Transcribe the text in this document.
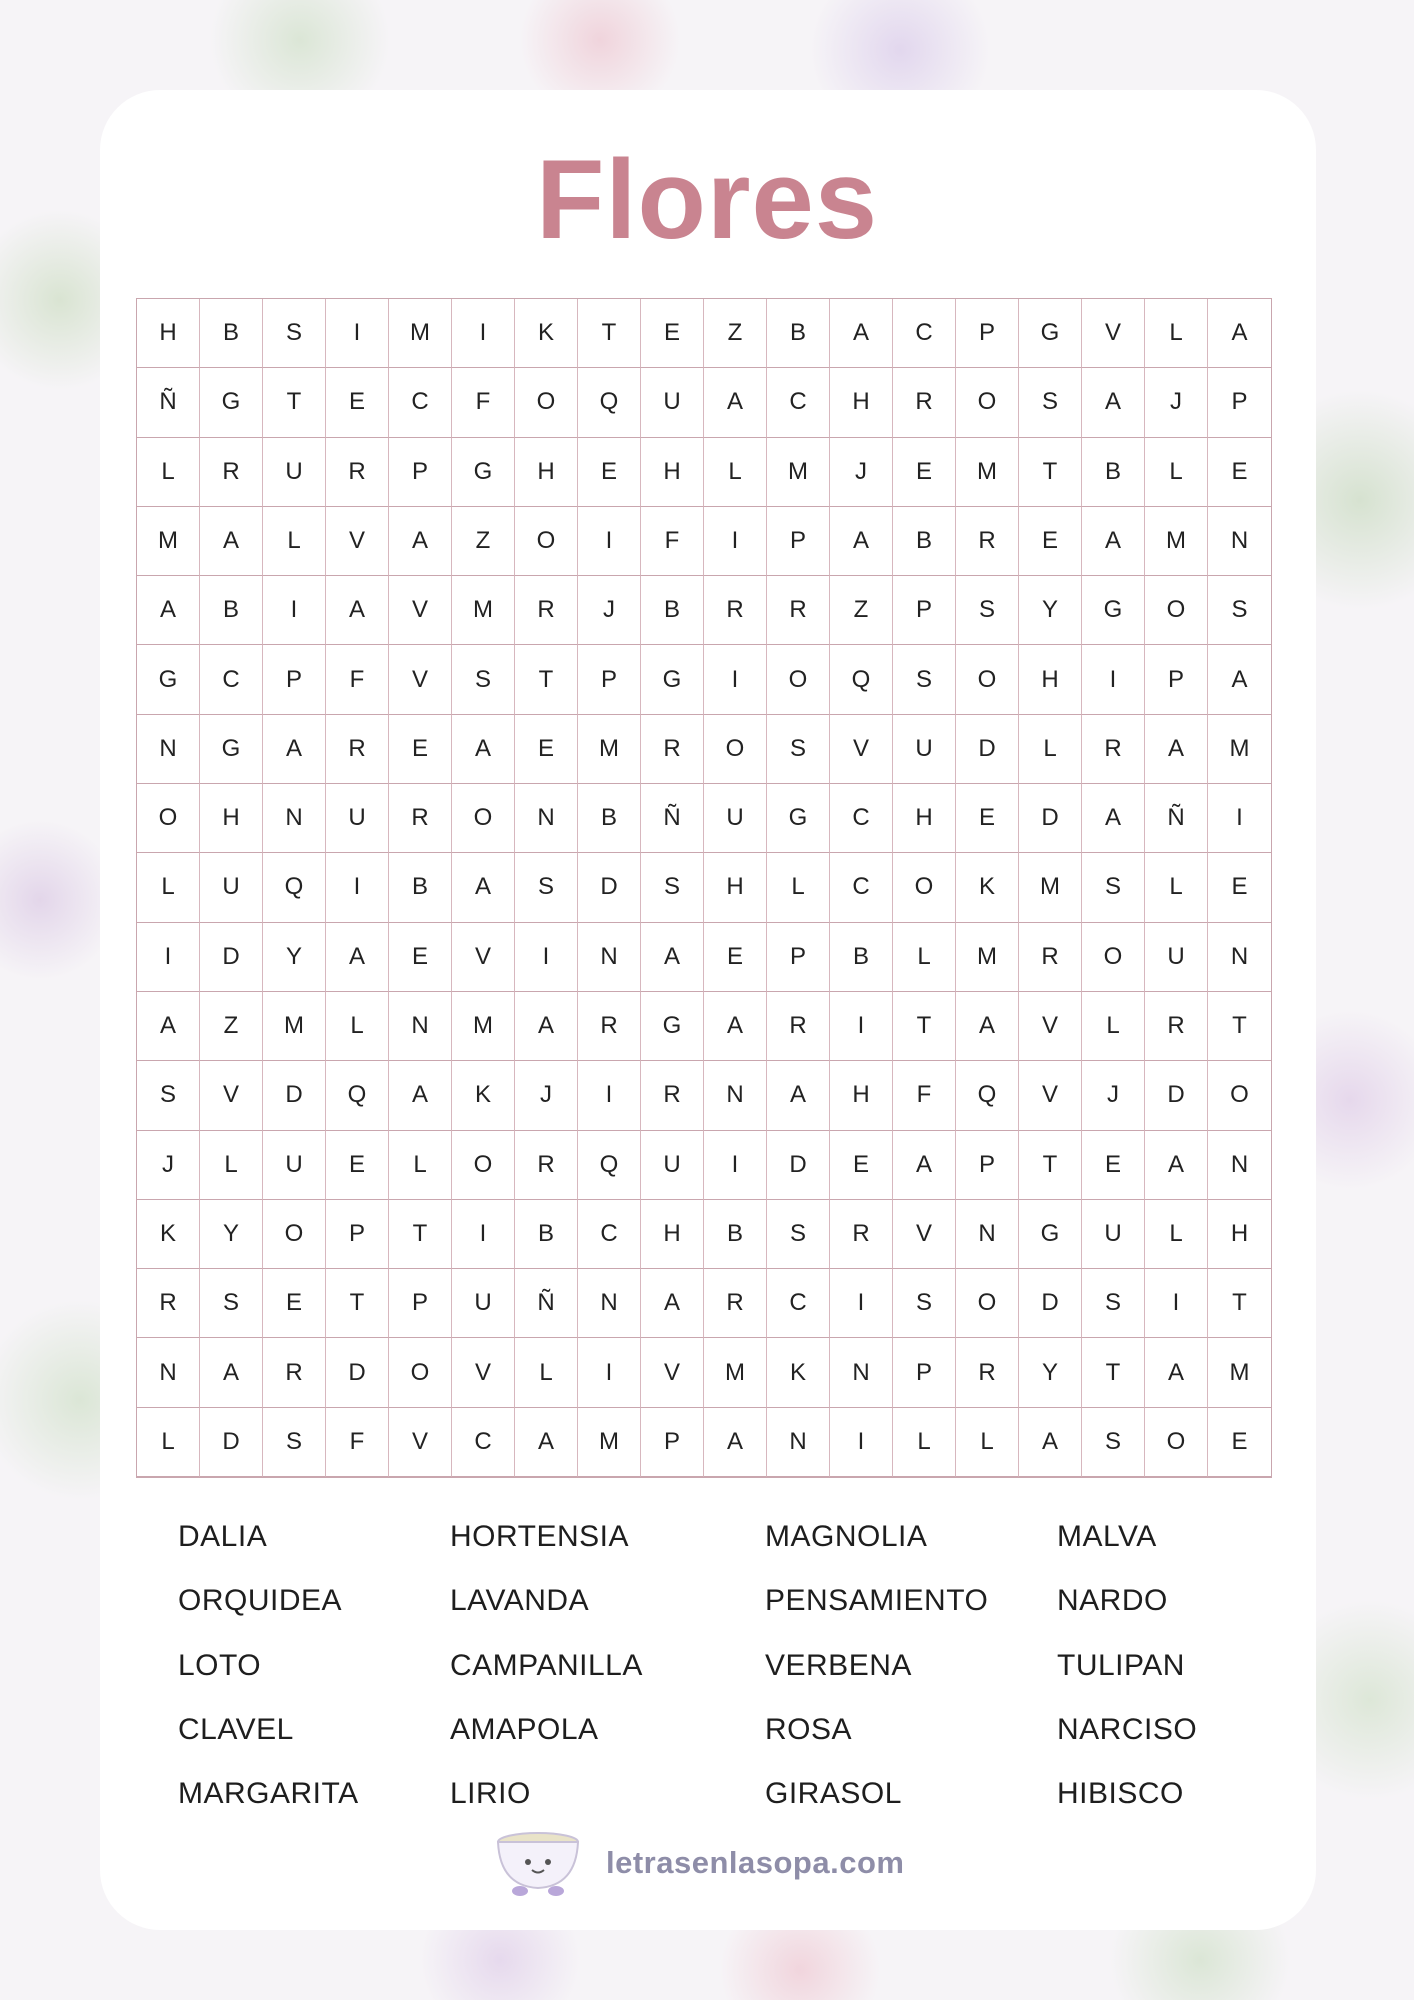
Flores
H	B	S	I	M	I	K	T	E	Z	B	A	C	P	G	V	L	A
Ñ	G	T	E	C	F	O	Q	U	A	C	H	R	O	S	A	J	P
L	R	U	R	P	G	H	E	H	L	M	J	E	M	T	B	L	E
M	A	L	V	A	Z	O	I	F	I	P	A	B	R	E	A	M	N
A	B	I	A	V	M	R	J	B	R	R	Z	P	S	Y	G	O	S
G	C	P	F	V	S	T	P	G	I	O	Q	S	O	H	I	P	A
N	G	A	R	E	A	E	M	R	O	S	V	U	D	L	R	A	M
O	H	N	U	R	O	N	B	Ñ	U	G	C	H	E	D	A	Ñ	I
L	U	Q	I	B	A	S	D	S	H	L	C	O	K	M	S	L	E
I	D	Y	A	E	V	I	N	A	E	P	B	L	M	R	O	U	N
A	Z	M	L	N	M	A	R	G	A	R	I	T	A	V	L	R	T
S	V	D	Q	A	K	J	I	R	N	A	H	F	Q	V	J	D	O
J	L	U	E	L	O	R	Q	U	I	D	E	A	P	T	E	A	N
K	Y	O	P	T	I	B	C	H	B	S	R	V	N	G	U	L	H
R	S	E	T	P	U	Ñ	N	A	R	C	I	S	O	D	S	I	T
N	A	R	D	O	V	L	I	V	M	K	N	P	R	Y	T	A	M
L	D	S	F	V	C	A	M	P	A	N	I	L	L	A	S	O	E
DALIA	HORTENSIA	MAGNOLIA	MALVA
ORQUIDEA	LAVANDA	PENSAMIENTO	NARDO
LOTO	CAMPANILLA	VERBENA	TULIPAN
CLAVEL	AMAPOLA	ROSA	NARCISO
MARGARITA	LIRIO	GIRASOL	HIBISCO
letrasenlasopa.com
